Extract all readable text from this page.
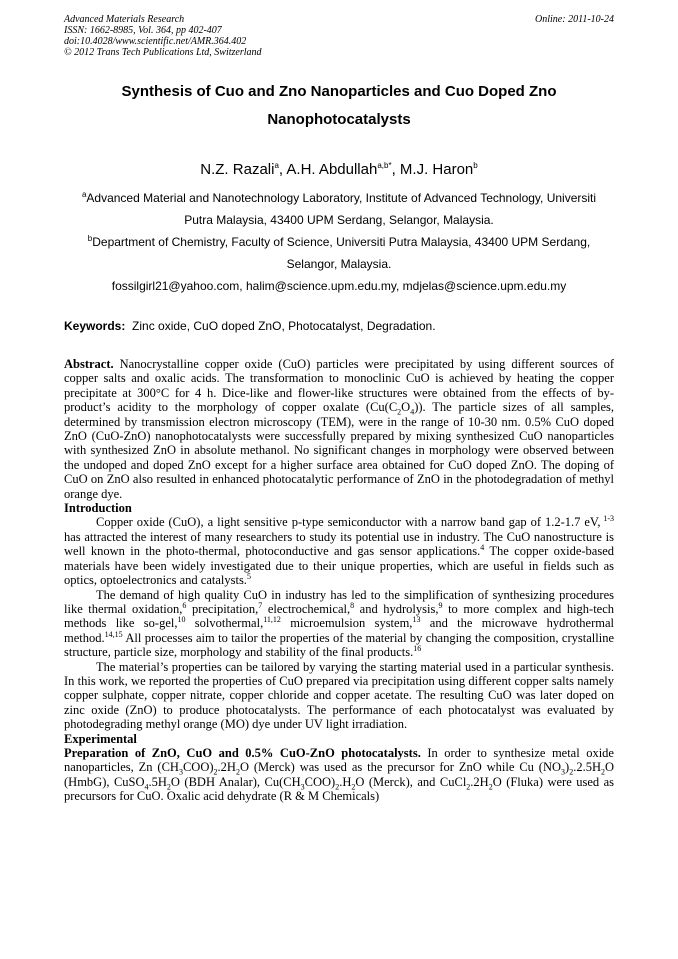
Advanced Materials Research
ISSN: 1662-8985, Vol. 364, pp 402-407
doi:10.4028/www.scientific.net/AMR.364.402
© 2012 Trans Tech Publications Ltd, Switzerland
Online: 2011-10-24
Synthesis of Cuo and Zno Nanoparticles and Cuo Doped Zno
Nanophotocatalysts
N.Z. Razali$^a$, A.H. Abdullah$^{a,b*}$, M.J. Haron$^b$
$^a$Advanced Material and Nanotechnology Laboratory, Institute of Advanced Technology, Universiti
Putra Malaysia, 43400 UPM Serdang, Selangor, Malaysia.
$^b$Department of Chemistry, Faculty of Science, Universiti Putra Malaysia, 43400 UPM Serdang,
Selangor, Malaysia.
fossilgirl21@yahoo.com, halim@science.upm.edu.my, mdjelas@science.upm.edu.my
Keywords: Zinc oxide, CuO doped ZnO, Photocatalyst, Degradation.

Abstract. Nanocrystalline copper oxide (CuO) particles were precipitated by using different sources of copper salts and oxalic acids. The transformation to monoclinic CuO is achieved by heating the copper precipitate at 300°C for 4 h. Dice-like and flower-like structures were obtained from the effects of by-product’s acidity to the morphology of copper oxalate $(Cu(C_2O_4))$. The particle sizes of all samples, determined by transmission electron microscopy (TEM), were in the range of 10-30 nm. 0.5% CuO doped ZnO (CuO-ZnO) nanophotocatalysts were successfully prepared by mixing synthesized CuO nanoparticles with synthesized ZnO in absolute methanol. No significant changes in morphology were observed between the undoped and doped ZnO except for a higher surface area obtained for CuO doped ZnO. The doping of CuO on ZnO also resulted in enhanced photocatalytic performance of ZnO in the photodegradation of methyl orange dye.

Introduction

Copper oxide (CuO), a light sensitive p-type semiconductor with a narrow band gap of 1.2-1.7 eV, $^{1-3}$ has attracted the interest of many researchers to study its potential use in industry. The CuO nanostructure is well known in the photo-thermal, photoconductive and gas sensor applications.$^4$ The copper oxide-based materials have been widely investigated due to their unique properties, which are useful in fields such as optics, optoelectronics and catalysts.$^5$

The demand of high quality CuO in industry has led to the simplification of synthesizing procedures like thermal oxidation,$^6$ precipitation,$^7$ electrochemical,$^8$ and hydrolysis,$^9$ to more complex and high-tech methods like so-gel,$^{10}$ solvothermal,$^{11,12}$ microemulsion system,$^{13}$ and the microwave hydrothermal method.$^{14,15}$ All processes aim to tailor the properties of the material by changing the composition, crystalline structure, particle size, morphology and stability of the final products.$^{16}$

The material’s properties can be tailored by varying the starting material used in a particular synthesis. In this work, we reported the properties of CuO prepared via precipitation using different copper salts namely copper sulphate, copper nitrate, copper chloride and copper acetate. The resulting CuO was later doped on zinc oxide (ZnO) to produce photocatalysts. The performance of each photocatalyst was evaluated by photodegrading methyl orange (MO) dye under UV light irradiation.

Experimental

Preparation of ZnO, CuO and 0.5% CuO-ZnO photocatalysts. In order to synthesize metal oxide nanoparticles, Zn $(CH_3COO)_2.2H_2O$ (Merck) was used as the precursor for ZnO while Cu $(NO_3)_2.2.5H_2O$ (HmbG), $CuSO_4.5H_2O$ (BDH Analar), $Cu(CH_3COO)_2.H_2O$ (Merck), and $CuCl_2.2H_2O$ (Fluka) were used as precursors for CuO. Oxalic acid dehydrate (R & M Chemicals)
